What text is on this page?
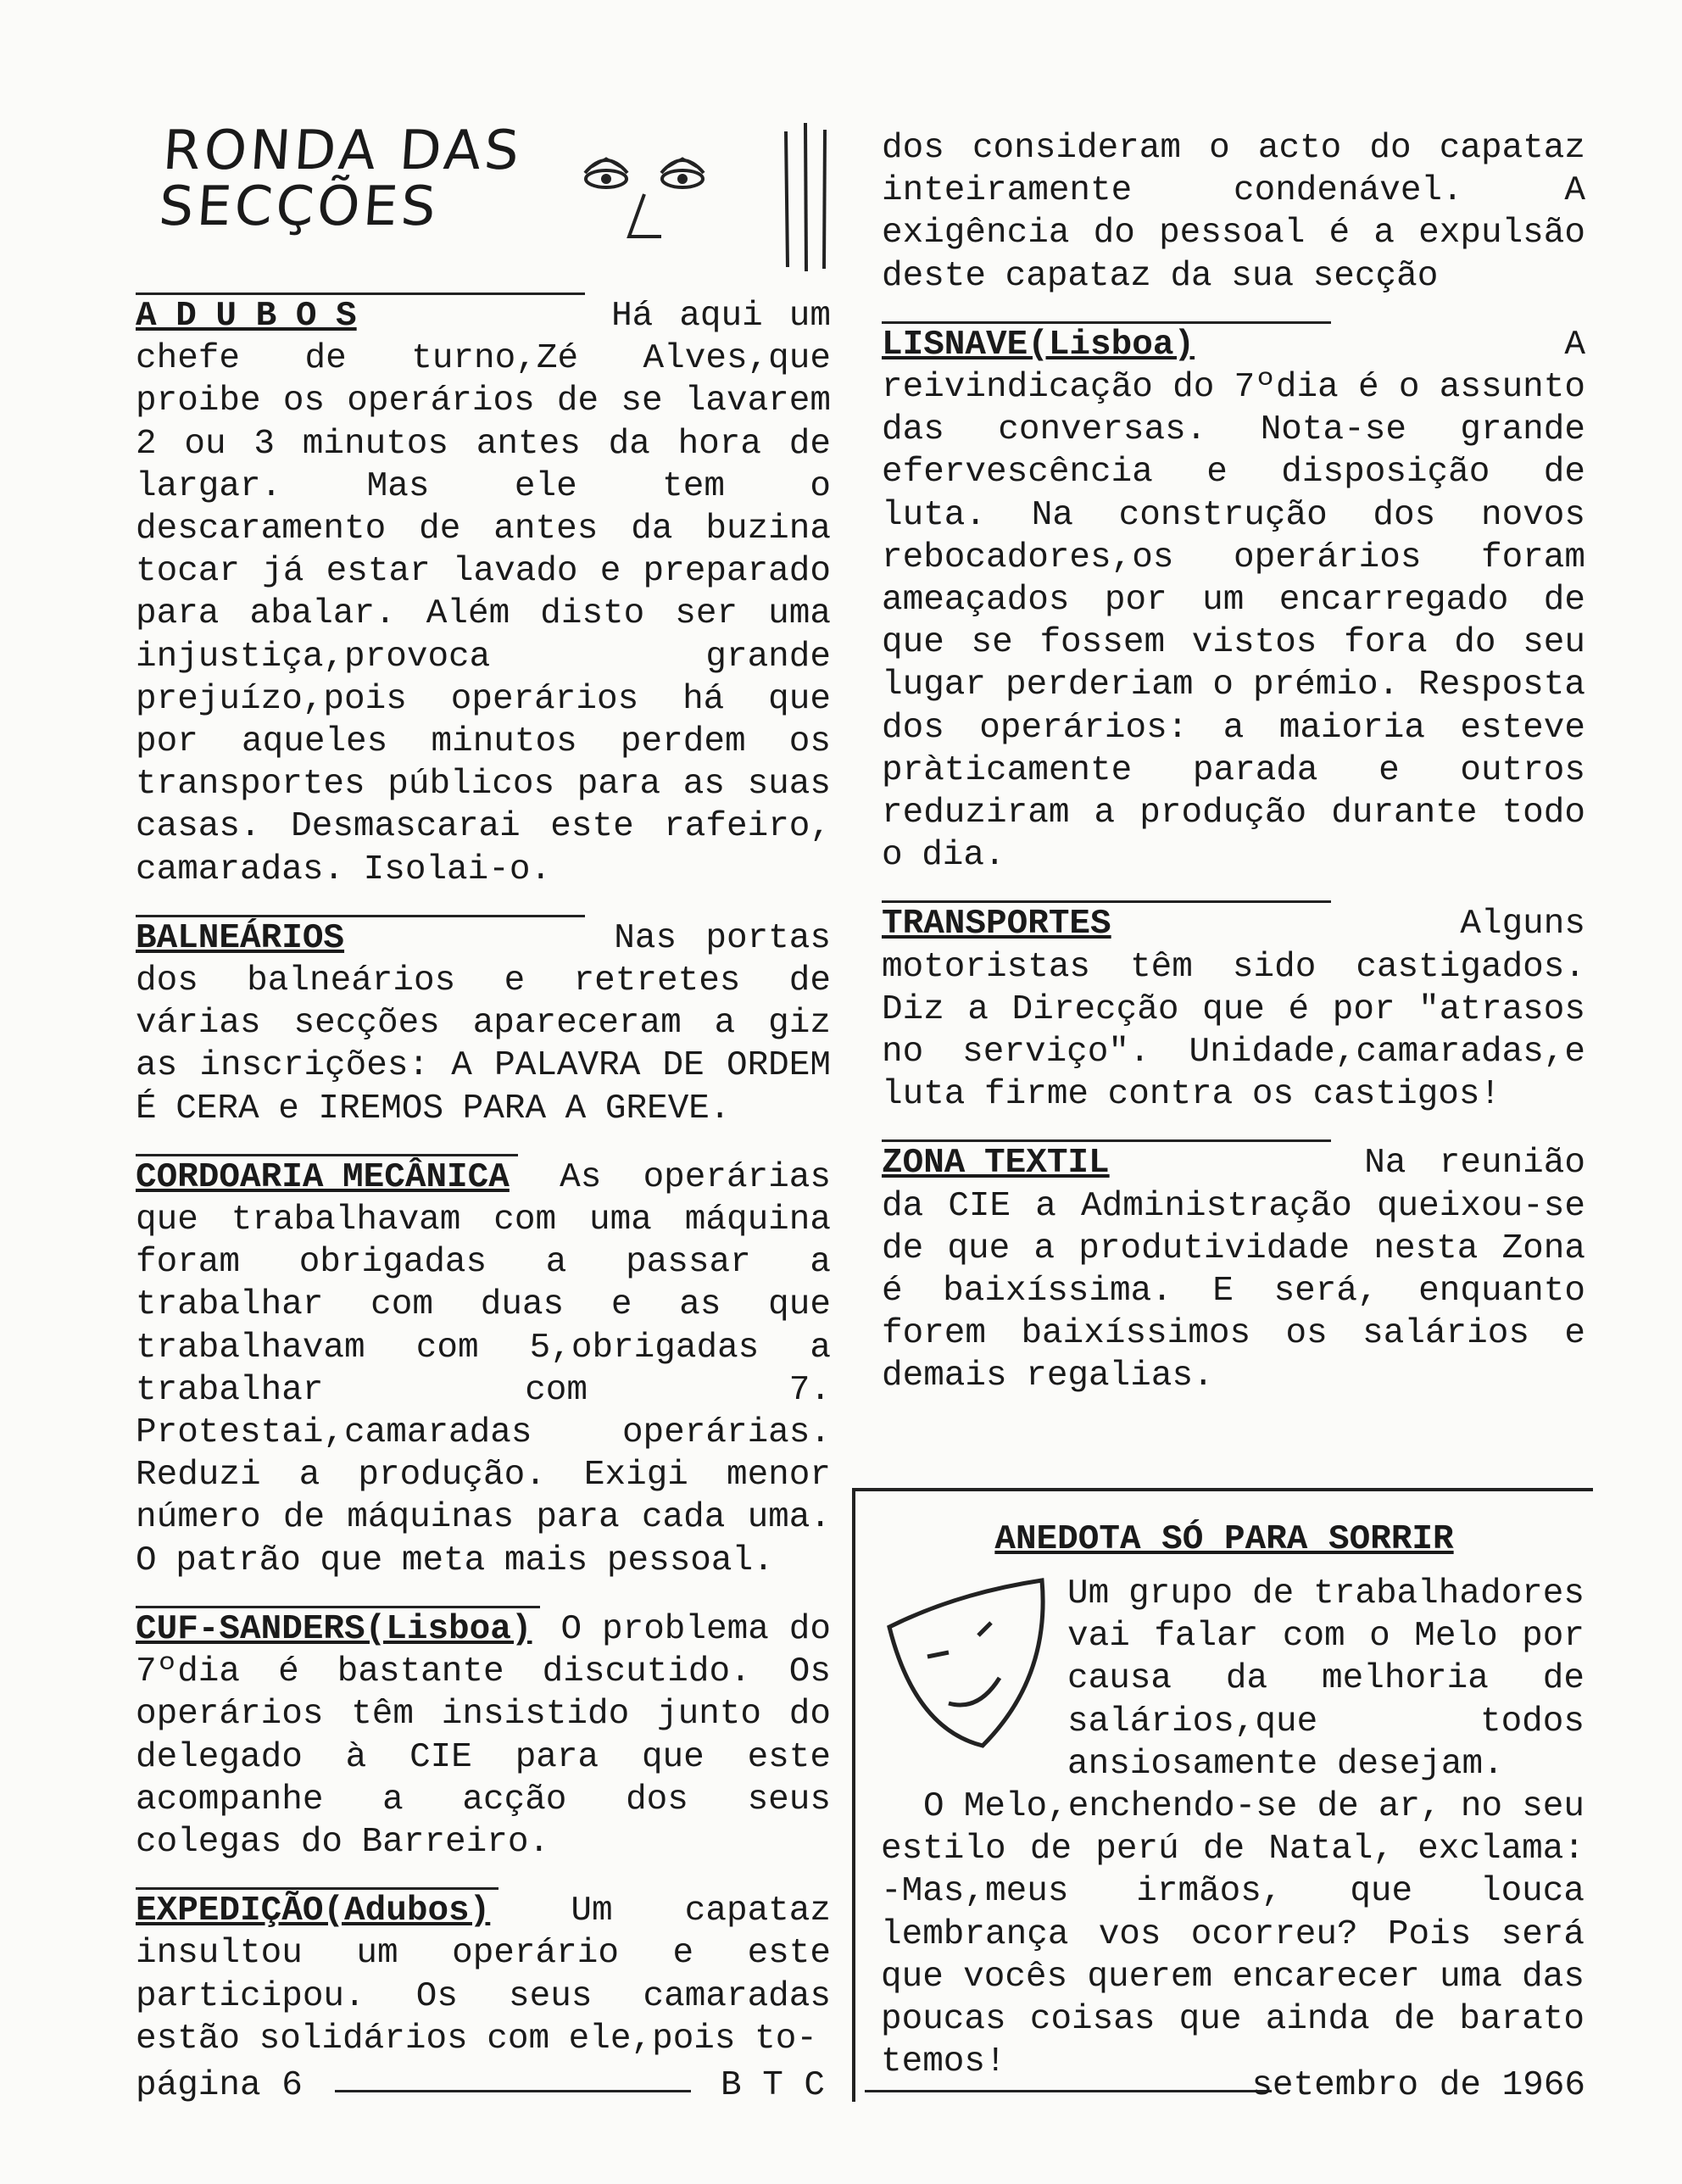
RONDA DAS
SECÇÕES

A D U B O S	Há aqui um chefe de turno,Zé Alves,que proibe os operários de se lavarem 2 ou 3 minutos antes da hora de largar. Mas ele tem o descaramento de antes da buzina tocar já estar lavado e preparado para abalar. Além disto ser uma injustiça,provoca grande prejuízo,pois operários há que por aqueles minutos perdem os transportes públicos para as suas casas. Desmascarai este rafeiro, camaradas. Isolai-o.

BALNEÁRIOS	Nas portas dos balneários e retretes de várias secções apareceram a giz as inscrições: A PALAVRA DE ORDEM É CERA e IREMOS PARA A GREVE.

CORDOARIA MECÂNICA As operárias que trabalhavam com uma máquina foram obrigadas a passar a trabalhar com duas e as que trabalhavam com 5,obrigadas a trabalhar com 7. Protestai,camaradas operárias. Reduzi a produção. Exigi menor número de máquinas para cada uma. O patrão que meta mais pessoal.

CUF-SANDERS(Lisboa) O problema do 7ºdia é bastante discutido. Os operários têm insistido junto do delegado à CIE para que este acompanhe a acção dos seus colegas do Barreiro.

EXPEDIÇÃO(Adubos) Um capataz insultou um operário e este participou. Os seus camaradas estão solidários com ele,pois to-

dos consideram o acto do capataz inteiramente condenável. A exigência do pessoal é a expulsão deste capataz da sua secção

LISNAVE(Lisboa)	A reivindicação do 7ºdia é o assunto das conversas. Nota-se grande efervescência e disposição de luta. Na construção dos novos rebocadores,os operários foram ameaçados por um encarregado de que se fossem vistos fora do seu lugar perderiam o prémio. Resposta dos operários: a maioria esteve pràticamente parada e outros reduziram a produção durante todo o dia.

TRANSPORTES	Alguns motoristas têm sido castigados. Diz a Direcção que é por "atrasos no serviço". Unidade,camaradas,e luta firme contra os castigos!

ZONA TEXTIL	Na reunião da CIE a Administração queixou-se de que a produtividade nesta Zona é baixíssima. E será, enquanto forem baixíssimos os salários e demais regalias.

ANEDOTA SÓ PARA SORRIR

Um grupo de trabalhadores vai falar com o Melo por causa da melhoria de salários,que todos ansiosamente desejam.

O Melo,enchendo-se de ar, no seu estilo de perú de Natal, exclama: -Mas,meus irmãos, que louca lembrança vos ocorreu? Pois será que vocês querem encarecer uma das poucas coisas que ainda de barato temos!

página 6	B T C	setembro de 1966
